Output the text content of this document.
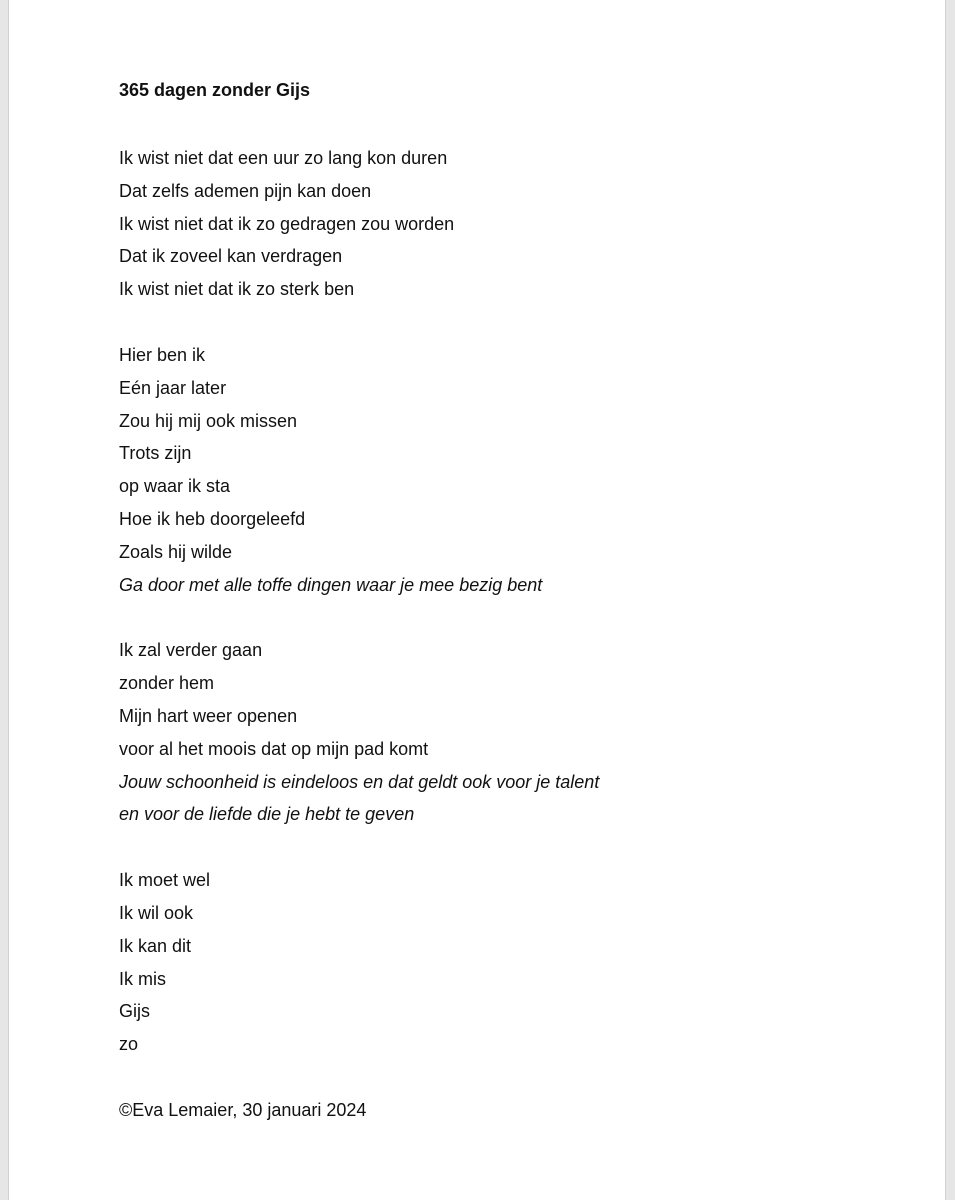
365 dagen zonder Gijs
Ik wist niet dat een uur zo lang kon duren
Dat zelfs ademen pijn kan doen
Ik wist niet dat ik zo gedragen zou worden
Dat ik zoveel kan verdragen
Ik wist niet dat ik zo sterk ben
Hier ben ik
Eén jaar later
Zou hij mij ook missen
Trots zijn
op waar ik sta
Hoe ik heb doorgeleefd
Zoals hij wilde
Ga door met alle toffe dingen waar je mee bezig bent
Ik zal verder gaan
zonder hem
Mijn hart weer openen
voor al het moois dat op mijn pad komt
Jouw schoonheid is eindeloos en dat geldt ook voor je talent
en voor de liefde die je hebt te geven
Ik moet wel
Ik wil ook
Ik kan dit
Ik mis
Gijs
zo
©Eva Lemaier, 30 januari 2024
